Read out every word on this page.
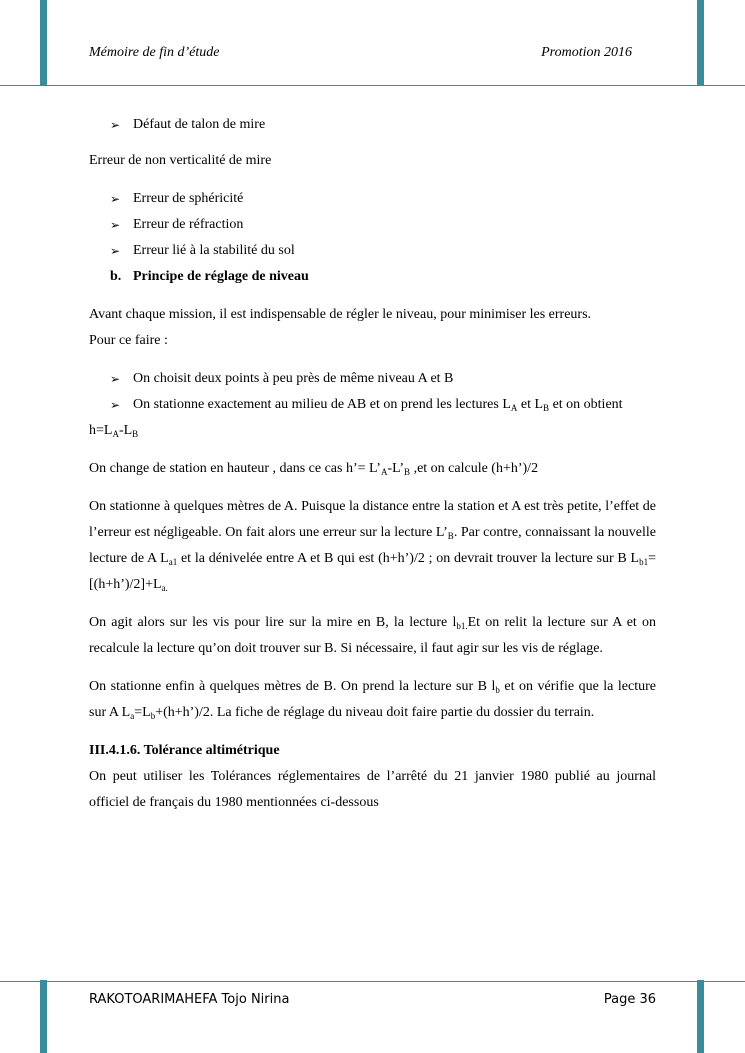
Mémoire de fin d’étude	Promotion 2016
➢ Défaut de talon de mire

Erreur de non verticalité de mire

➢ Erreur de sphéricité
➢ Erreur de réfraction
➢ Erreur lié à la stabilité du sol
b. Principe de réglage de niveau

Avant chaque mission, il est indispensable de régler le niveau, pour minimiser les erreurs.

Pour ce faire :

➢ On choisit deux points à peu près de même niveau A et B
➢ On stationne exactement au milieu de AB et on prend les lectures $L_A$ et $L_B$ et on obtient

$h=L_A-L_B$

On change de station en hauteur , dans ce cas h’= $L’_A-L’_B$ ,et on calcule (h+h’)/2

On stationne à quelques mètres de A. Puisque la distance entre la station et A est très petite, l’effet de l’erreur est négligeable. On fait alors une erreur sur la lecture $L’_B$. Par contre, connaissant la nouvelle lecture de A $L_{a1}$ et la dénivelée entre A et B qui est (h+h’)/2 ; on devrait trouver la lecture sur B $L_{b1}=[(h+h’)/2]+L_{a.}$

On agit alors sur les vis pour lire sur la mire en B, la lecture $l_{b1.}Et$ on relit la lecture sur A et on recalcule la lecture qu’on doit trouver sur B. Si nécessaire, il faut agir sur les vis de réglage.

On stationne enfin à quelques mètres de B. On prend la lecture sur B $l_b$ et on vérifie que la lecture sur A $L_a=L_b+(h+h’)/2$. La fiche de réglage du niveau doit faire partie du dossier du terrain.

III.4.1.6. Tolérance altimétrique

On peut utiliser les Tolérances réglementaires de l’arrêté du 21 janvier 1980 publié au journal officiel de français du 1980 mentionnées ci-dessous

RAKOTOARIMAHEFA Tojo Nirina	Page 36
